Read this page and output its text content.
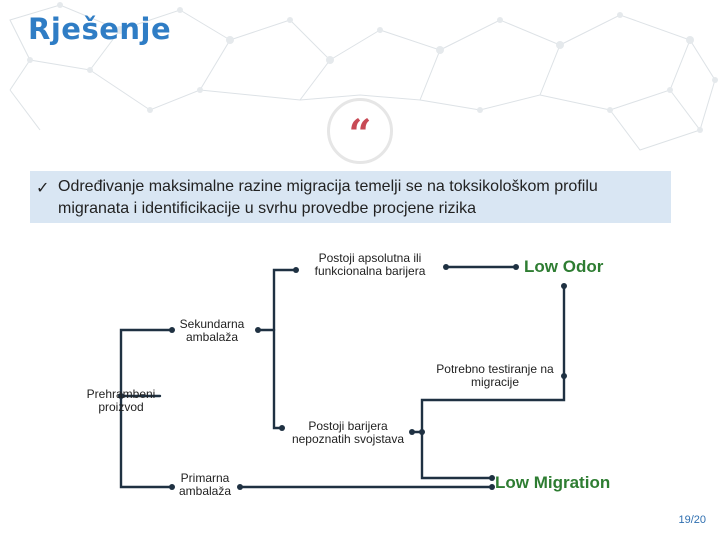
Rješenje
“
✓ Određivanje maksimalne razine migracija temelji se na toksikološkom profilu migranata i identificikacije u svrhu provedbe procjene rizika
Postoji apsolutna ili funkcionalna barijera	Low Odor
Sekundarna ambalaža
Potrebno testiranje na migracije
Prehrambeni proizvod
Postoji barijera nepoznatih svojstava
Primarna ambalaža	Low Migration
19/20
